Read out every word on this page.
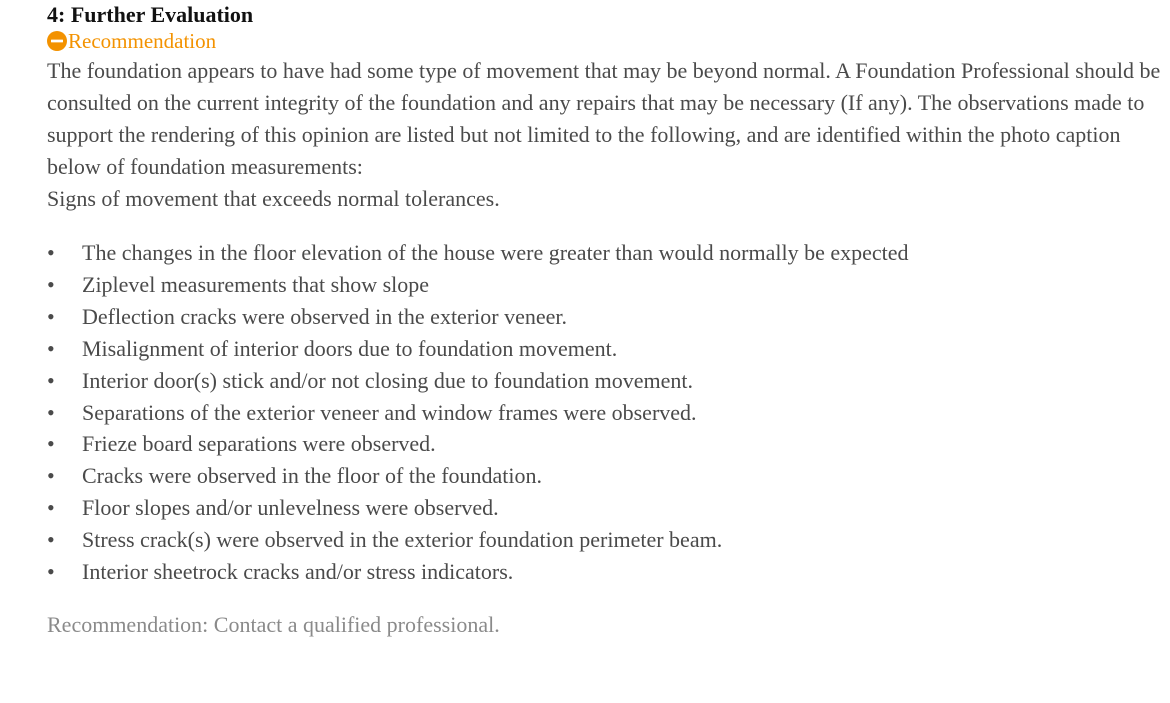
4: Further Evaluation
Recommendation

The foundation appears to have had some type of movement that may be beyond normal. A Foundation Professional should be consulted on the current integrity of the foundation and any repairs that may be necessary (If any). The observations made to support the rendering of this opinion are listed but not limited to the following, and are identified within the photo caption below of foundation measurements:

Signs of movement that exceeds normal tolerances.

•	The changes in the floor elevation of the house were greater than would normally be expected
•	Ziplevel measurements that show slope
•	Deflection cracks were observed in the exterior veneer.
•	Misalignment of interior doors due to foundation movement.
•	Interior door(s) stick and/or not closing due to foundation movement.
•	Separations of the exterior veneer and window frames were observed.
•	Frieze board separations were observed.
•	Cracks were observed in the floor of the foundation.
•	Floor slopes and/or unlevelness were observed.
•	Stress crack(s) were observed in the exterior foundation perimeter beam.
•	Interior sheetrock cracks and/or stress indicators.

Recommendation: Contact a qualified professional.
